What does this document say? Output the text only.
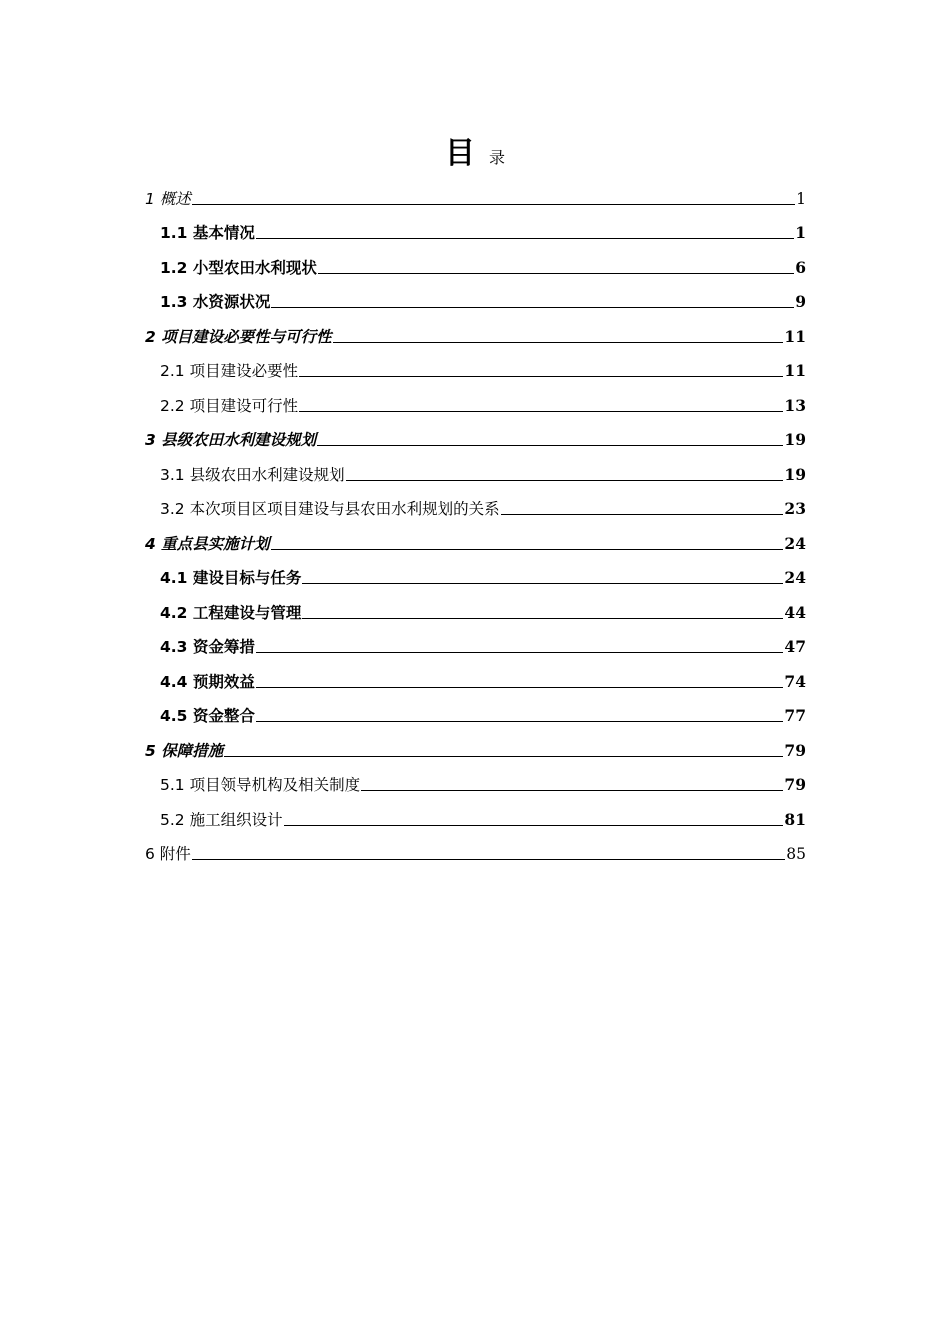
目录
1 概述	1
1.1 基本情况	1
1.2 小型农田水利现状	6
1.3 水资源状况	9
2 项目建设必要性与可行性	11
2.1 项目建设必要性	11
2.2 项目建设可行性	13
3 县级农田水利建设规划	19
3.1 县级农田水利建设规划	19
3.2 本次项目区项目建设与县农田水利规划的关系	23
4 重点县实施计划	24
4.1 建设目标与任务	24
4.2 工程建设与管理	44
4.3 资金筹措	47
4.4 预期效益	74
4.5 资金整合	77
5 保障措施	79
5.1 项目领导机构及相关制度	79
5.2 施工组织设计	81
6 附件	85
